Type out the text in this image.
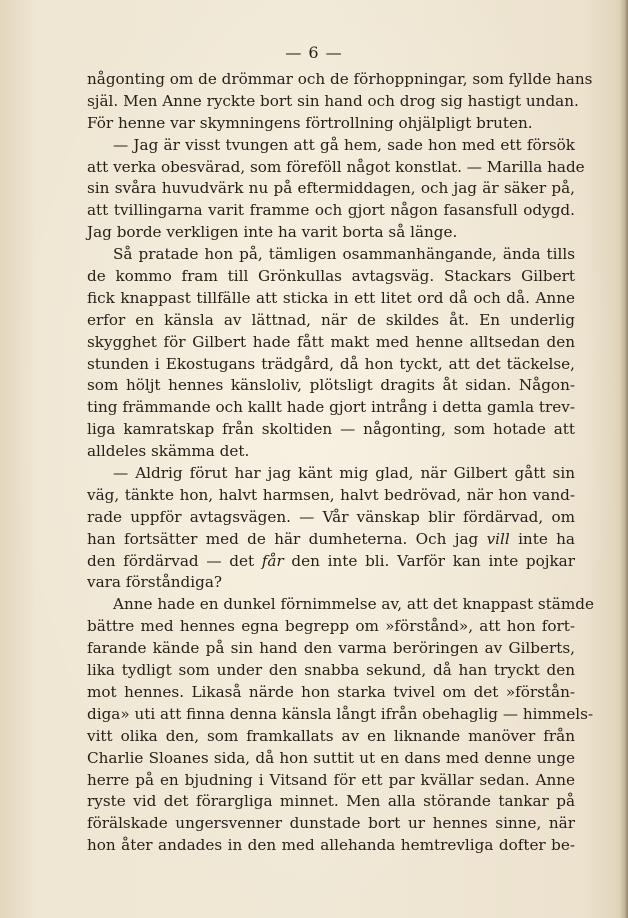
— 6 —
någonting om de drömmar och de förhoppningar, som fyllde hans
själ. Men Anne ryckte bort sin hand och drog sig hastigt undan.
För henne var skymningens förtrollning ohjälpligt bruten.
— Jag är visst tvungen att gå hem, sade hon med ett försök
att verka obesvärad, som föreföll något konstlat. — Marilla hade
sin svåra huvudvärk nu på eftermiddagen, och jag är säker på,
att tvillingarna varit framme och gjort någon fasansfull odygd.
Jag borde verkligen inte ha varit borta så länge.
Så pratade hon på, tämligen osammanhängande, ända tills
de kommo fram till Grönkullas avtagsväg. Stackars Gilbert
fick knappast tillfälle att sticka in ett litet ord då och då. Anne
erfor en känsla av lättnad, när de skildes åt. En underlig
skygghet för Gilbert hade fått makt med henne alltsedan den
stunden i Ekostugans trädgård, då hon tyckt, att det täckelse,
som höljt hennes känsloliv, plötsligt dragits åt sidan. Någon-
ting främmande och kallt hade gjort intrång i detta gamla trev-
liga kamratskap från skoltiden — någonting, som hotade att
alldeles skämma det.
— Aldrig förut har jag känt mig glad, när Gilbert gått sin
väg, tänkte hon, halvt harmsen, halvt bedrövad, när hon vand-
rade uppför avtagsvägen. — Vår vänskap blir fördärvad, om
han fortsätter med de här dumheterna. Och jag vill inte ha
den fördärvad — det får den inte bli. Varför kan inte pojkar
vara förståndiga?
Anne hade en dunkel förnimmelse av, att det knappast stämde
bättre med hennes egna begrepp om »förstånd», att hon fort-
farande kände på sin hand den varma beröringen av Gilberts,
lika tydligt som under den snabba sekund, då han tryckt den
mot hennes. Likaså närde hon starka tvivel om det »förstån-
diga» uti att finna denna känsla långt ifrån obehaglig — himmels-
vitt olika den, som framkallats av en liknande manöver från
Charlie Sloanes sida, då hon suttit ut en dans med denne unge
herre på en bjudning i Vitsand för ett par kvällar sedan. Anne
ryste vid det förargliga minnet. Men alla störande tankar på
förälskade ungersvenner dunstade bort ur hennes sinne, när
hon åter andades in den med allehanda hemtrevliga dofter be-
